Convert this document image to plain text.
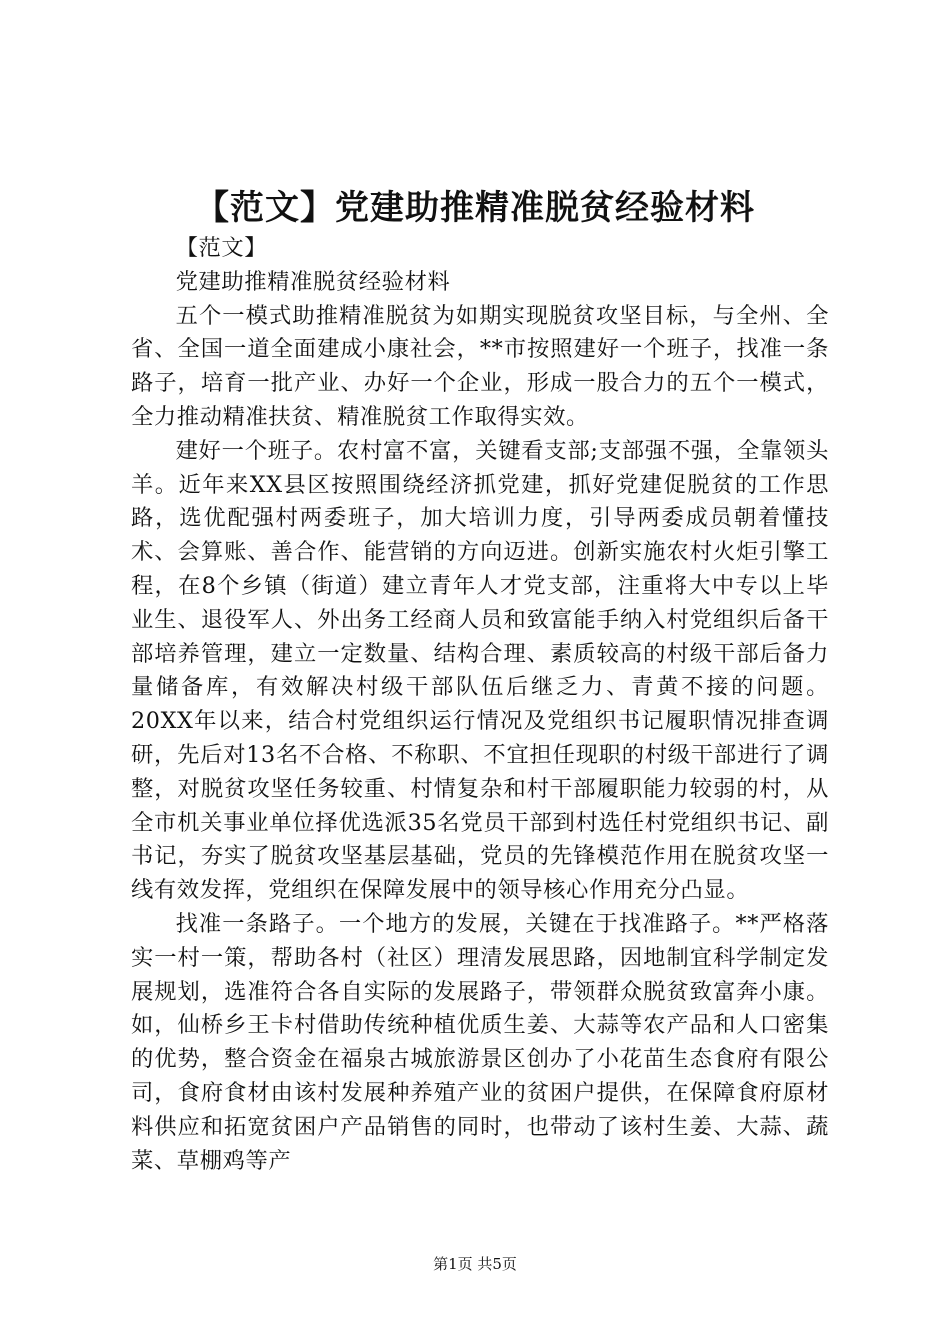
【范文】党建助推精准脱贫经验材料

【范文】

党建助推精准脱贫经验材料

五个一模式助推精准脱贫为如期实现脱贫攻坚目标，与全州、全省、全国一道全面建成小康社会，**市按照建好一个班子，找准一条路子，培育一批产业、办好一个企业，形成一股合力的五个一模式，全力推动精准扶贫、精准脱贫工作取得实效。

建好一个班子。农村富不富，关键看支部;支部强不强，全靠领头羊。近年来XX县区按照围绕经济抓党建，抓好党建促脱贫的工作思路，选优配强村两委班子，加大培训力度，引导两委成员朝着懂技术、会算账、善合作、能营销的方向迈进。创新实施农村火炬引擎工程，在8个乡镇（街道）建立青年人才党支部，注重将大中专以上毕业生、退役军人、外出务工经商人员和致富能手纳入村党组织后备干部培养管理，建立一定数量、结构合理、素质较高的村级干部后备力量储备库，有效解决村级干部队伍后继乏力、青黄不接的问题。20XX年以来，结合村党组织运行情况及党组织书记履职情况排查调研，先后对13名不合格、不称职、不宜担任现职的村级干部进行了调整，对脱贫攻坚任务较重、村情复杂和村干部履职能力较弱的村，从全市机关事业单位择优选派35名党员干部到村选任村党组织书记、副书记，夯实了脱贫攻坚基层基础，党员的先锋模范作用在脱贫攻坚一线有效发挥，党组织在保障发展中的领导核心作用充分凸显。

找准一条路子。一个地方的发展，关键在于找准路子。**严格落实一村一策，帮助各村（社区）理清发展思路，因地制宜科学制定发展规划，选准符合各自实际的发展路子，带领群众脱贫致富奔小康。如，仙桥乡王卡村借助传统种植优质生姜、大蒜等农产品和人口密集的优势，整合资金在福泉古城旅游景区创办了小花苗生态食府有限公司，食府食材由该村发展种养殖产业的贫困户提供，在保障食府原材料供应和拓宽贫困户产品销售的同时，也带动了该村生姜、大蒜、蔬菜、草棚鸡等产

第1页 共5页
